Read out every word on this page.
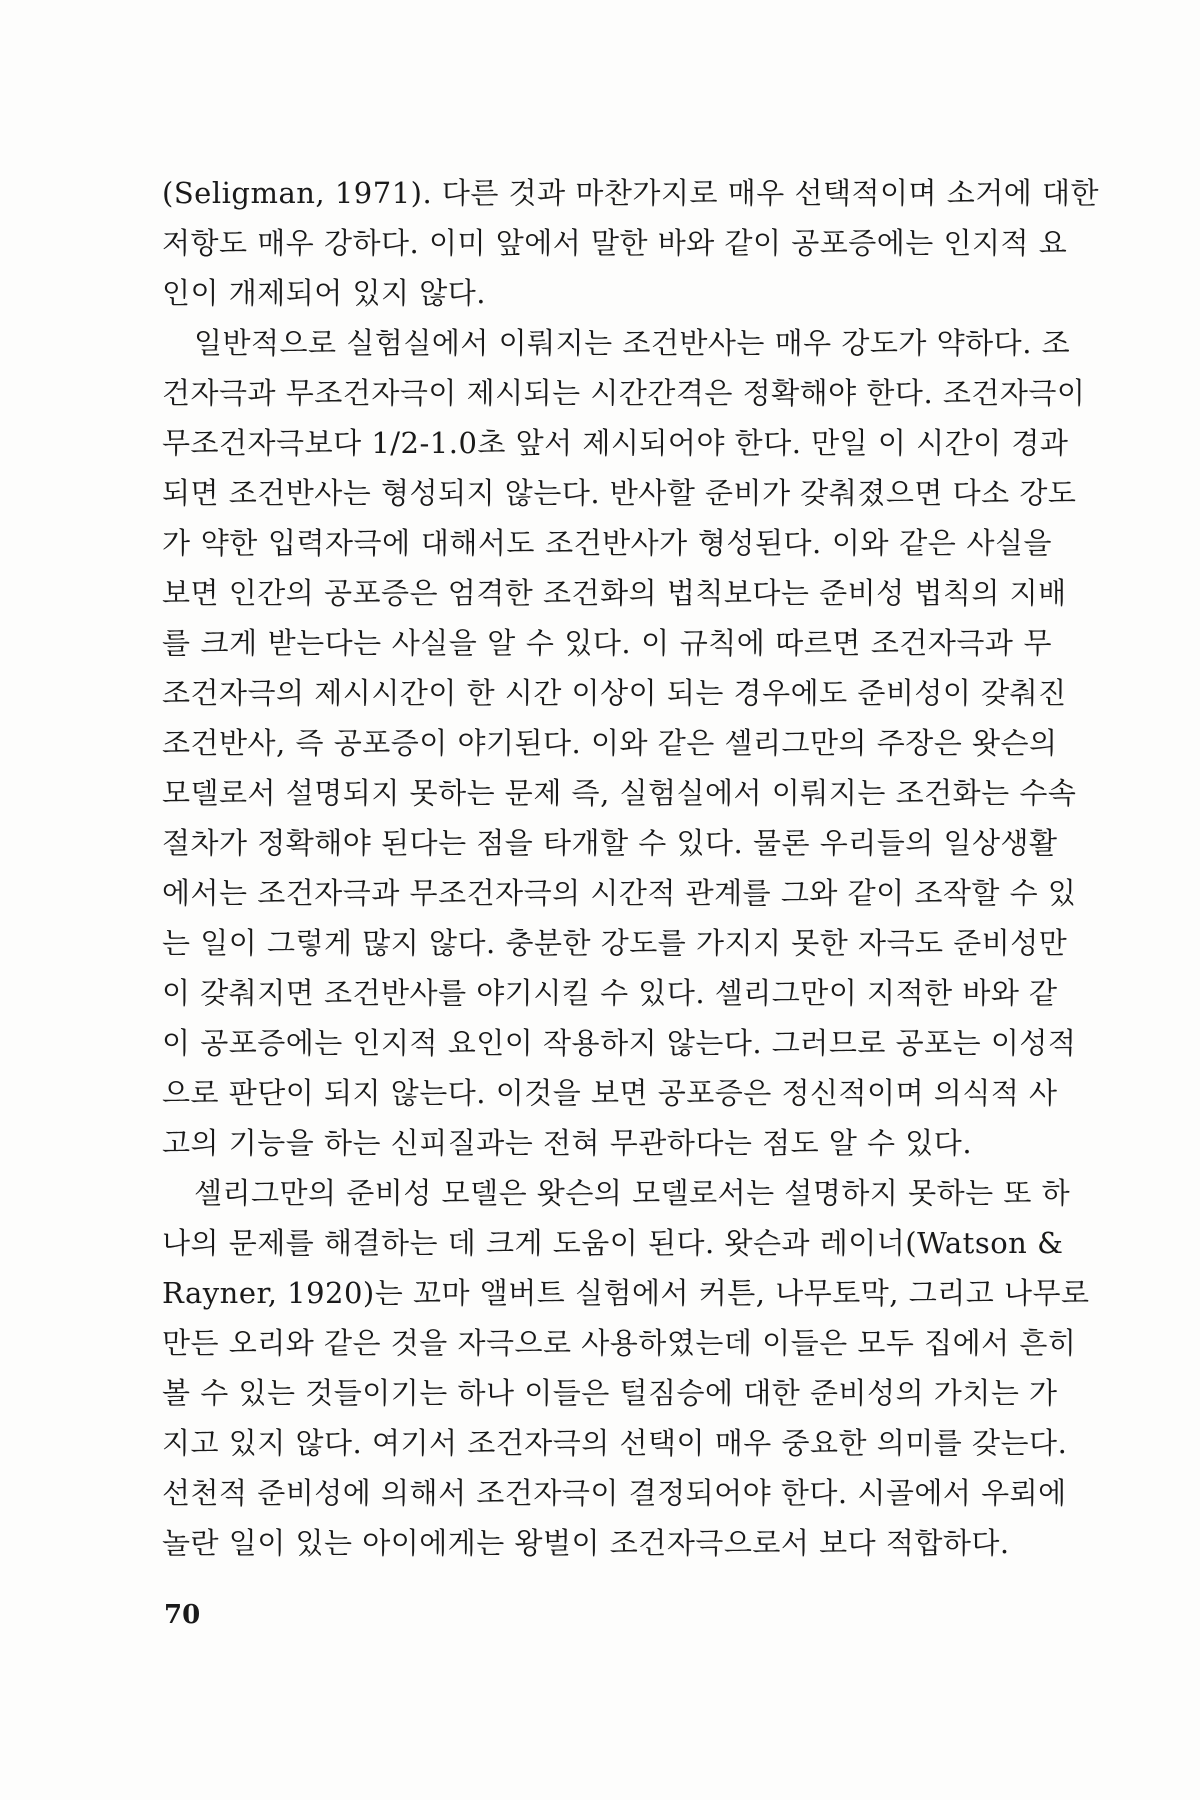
(Seligman, 1971). 다른 것과 마찬가지로 매우 선택적이며 소거에 대한
저항도 매우 강하다. 이미 앞에서 말한 바와 같이 공포증에는 인지적 요
인이 개제되어 있지 않다.

일반적으로 실험실에서 이뤄지는 조건반사는 매우 강도가 약하다. 조
건자극과 무조건자극이 제시되는 시간간격은 정확해야 한다. 조건자극이
무조건자극보다 1/2-1.0초 앞서 제시되어야 한다. 만일 이 시간이 경과
되면 조건반사는 형성되지 않는다. 반사할 준비가 갖춰졌으면 다소 강도
가 약한 입력자극에 대해서도 조건반사가 형성된다. 이와 같은 사실을
보면 인간의 공포증은 엄격한 조건화의 법칙보다는 준비성 법칙의 지배
를 크게 받는다는 사실을 알 수 있다. 이 규칙에 따르면 조건자극과 무
조건자극의 제시시간이 한 시간 이상이 되는 경우에도 준비성이 갖춰진
조건반사, 즉 공포증이 야기된다. 이와 같은 셀리그만의 주장은 왓슨의
모델로서 설명되지 못하는 문제 즉, 실험실에서 이뤄지는 조건화는 수속
절차가 정확해야 된다는 점을 타개할 수 있다. 물론 우리들의 일상생활
에서는 조건자극과 무조건자극의 시간적 관계를 그와 같이 조작할 수 있
는 일이 그렇게 많지 않다. 충분한 강도를 가지지 못한 자극도 준비성만
이 갖춰지면 조건반사를 야기시킬 수 있다. 셀리그만이 지적한 바와 같
이 공포증에는 인지적 요인이 작용하지 않는다. 그러므로 공포는 이성적
으로 판단이 되지 않는다. 이것을 보면 공포증은 정신적이며 의식적 사
고의 기능을 하는 신피질과는 전혀 무관하다는 점도 알 수 있다.

셀리그만의 준비성 모델은 왓슨의 모델로서는 설명하지 못하는 또 하
나의 문제를 해결하는 데 크게 도움이 된다. 왓슨과 레이너(Watson &
Rayner, 1920)는 꼬마 앨버트 실험에서 커튼, 나무토막, 그리고 나무로
만든 오리와 같은 것을 자극으로 사용하였는데 이들은 모두 집에서 흔히
볼 수 있는 것들이기는 하나 이들은 털짐승에 대한 준비성의 가치는 가
지고 있지 않다. 여기서 조건자극의 선택이 매우 중요한 의미를 갖는다.
선천적 준비성에 의해서 조건자극이 결정되어야 한다. 시골에서 우뢰에
놀란 일이 있는 아이에게는 왕벌이 조건자극으로서 보다 적합하다.

70
